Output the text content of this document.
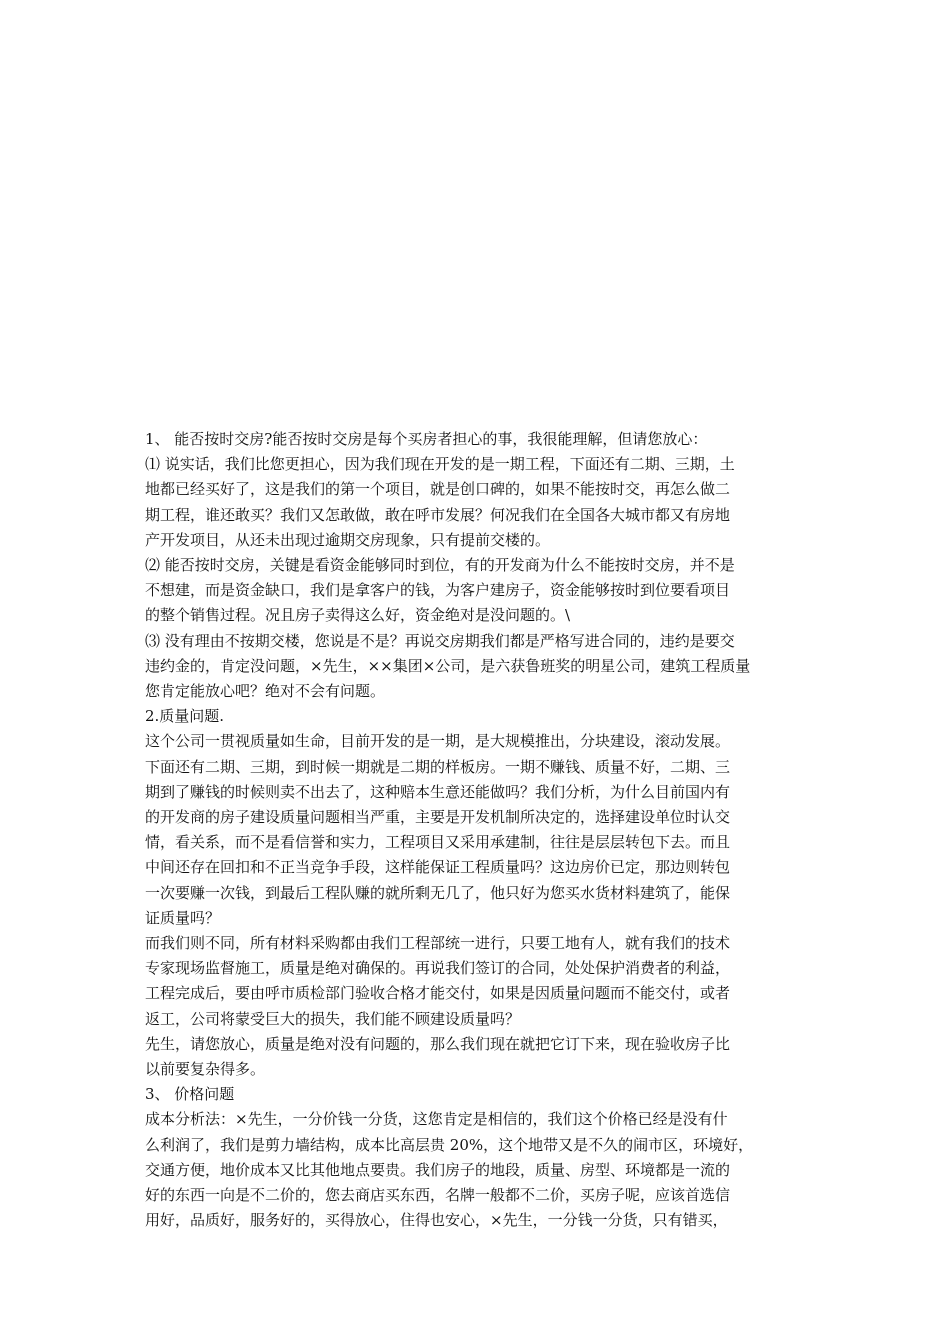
1、 能否按时交房?能否按时交房是每个买房者担心的事，我很能理解，但请您放心：
⑴ 说实话，我们比您更担心，因为我们现在开发的是一期工程，下面还有二期、三期，土
地都已经买好了，这是我们的第一个项目，就是创口碑的，如果不能按时交，再怎么做二
期工程，谁还敢买？我们又怎敢做，敢在呼市发展？何况我们在全国各大城市都又有房地
产开发项目，从还未出现过逾期交房现象，只有提前交楼的。
⑵ 能否按时交房，关键是看资金能够同时到位，有的开发商为什么不能按时交房，并不是
不想建，而是资金缺口，我们是拿客户的钱，为客户建房子，资金能够按时到位要看项目
的整个销售过程。况且房子卖得这么好，资金绝对是没问题的。\
⑶ 没有理由不按期交楼，您说是不是？再说交房期我们都是严格写进合同的，违约是要交
违约金的，肯定没问题，×先生，××集团×公司，是六获鲁班奖的明星公司，建筑工程质量
您肯定能放心吧？绝对不会有问题。
2.质量问题.
这个公司一贯视质量如生命，目前开发的是一期，是大规模推出，分块建设，滚动发展。
下面还有二期、三期，到时候一期就是二期的样板房。一期不赚钱、质量不好，二期、三
期到了赚钱的时候则卖不出去了，这种赔本生意还能做吗？我们分析，为什么目前国内有
的开发商的房子建设质量问题相当严重，主要是开发机制所决定的，选择建设单位时认交
情，看关系，而不是看信誉和实力，工程项目又采用承建制，往往是层层转包下去。而且
中间还存在回扣和不正当竞争手段，这样能保证工程质量吗？这边房价已定，那边则转包
一次要赚一次钱，到最后工程队赚的就所剩无几了，他只好为您买水货材料建筑了，能保
证质量吗？
而我们则不同，所有材料采购都由我们工程部统一进行，只要工地有人，就有我们的技术
专家现场监督施工，质量是绝对确保的。再说我们签订的合同，处处保护消费者的利益，
工程完成后，要由呼市质检部门验收合格才能交付，如果是因质量问题而不能交付，或者
返工，公司将蒙受巨大的损失，我们能不顾建设质量吗？
先生，请您放心，质量是绝对没有问题的，那么我们现在就把它订下来，现在验收房子比
以前要复杂得多。
3、 价格问题
成本分析法：×先生，一分价钱一分货，这您肯定是相信的，我们这个价格已经是没有什
么利润了，我们是剪力墙结构，成本比高层贵 20%，这个地带又是不久的闹市区，环境好，
交通方便，地价成本又比其他地点要贵。我们房子的地段，质量、房型、环境都是一流的
好的东西一向是不二价的，您去商店买东西，名牌一般都不二价，买房子呢，应该首选信
用好，品质好，服务好的，买得放心，住得也安心，×先生，一分钱一分货，只有错买，
